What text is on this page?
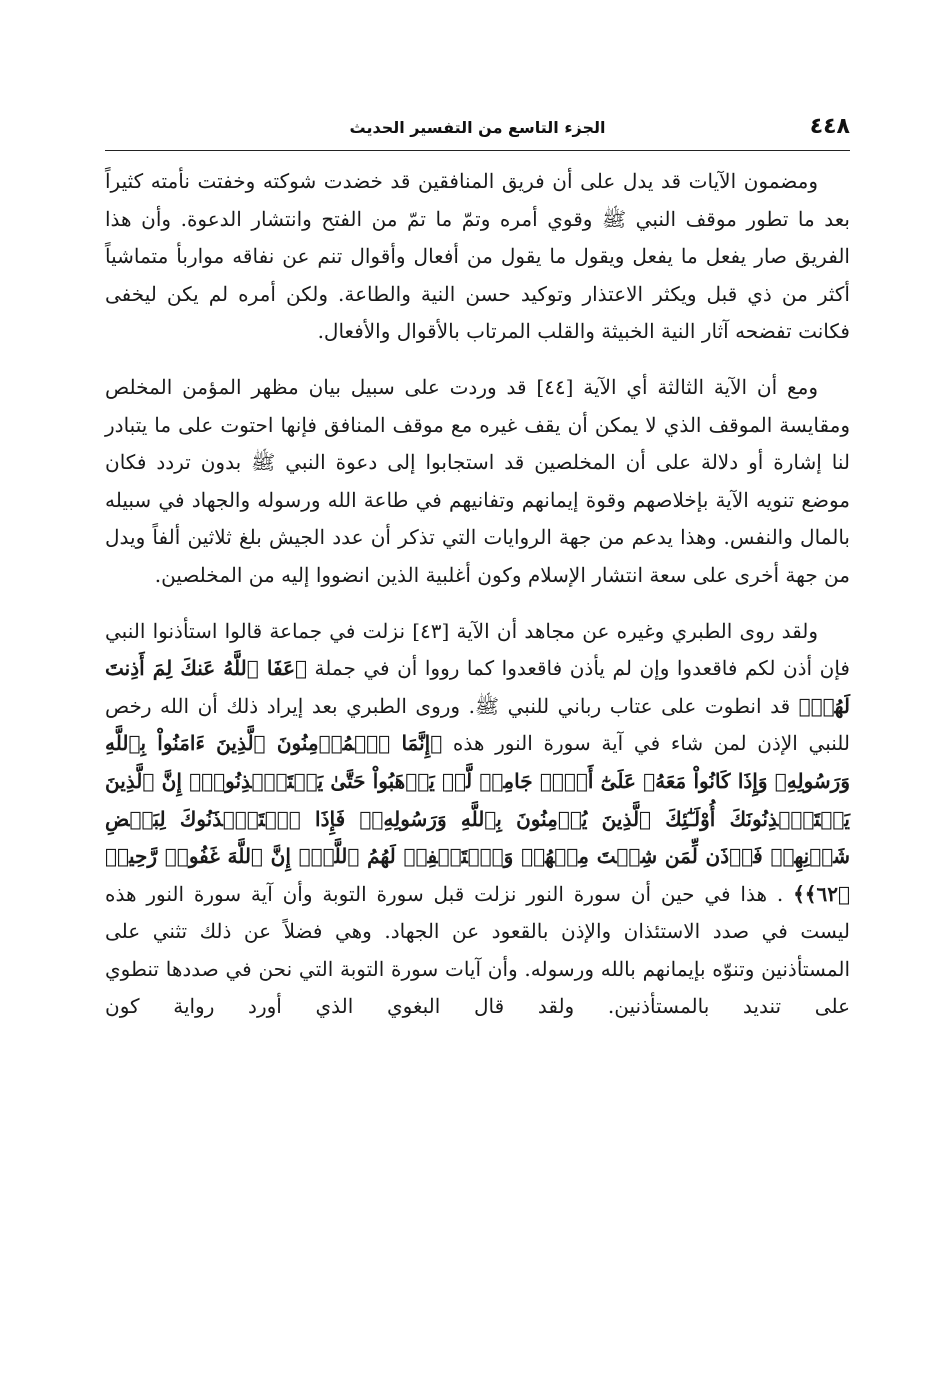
٤٤٨
الجزء التاسع من التفسير الحديث

ومضمون الآيات قد يدل على أن فريق المنافقين قد خضدت شوكته وخفتت نأمته كثيراً بعد ما تطور موقف النبي ﷺ وقوي أمره وتمّ ما تمّ من الفتح وانتشار الدعوة. وأن هذا الفريق صار يفعل ما يفعل ويقول ما يقول من أفعال وأقوال تنم عن نفاقه مواربأ متماشياً أكثر من ذي قبل ويكثر الاعتذار وتوكيد حسن النية والطاعة. ولكن أمره لم يكن ليخفى فكانت تفضحه آثار النية الخبيثة والقلب المرتاب بالأقوال والأفعال.

ومع أن الآية الثالثة أي الآية [٤٤] قد وردت على سبيل بيان مظهر المؤمن المخلص ومقايسة الموقف الذي لا يمكن أن يقف غيره مع موقف المنافق فإنها احتوت على ما يتبادر لنا إشارة أو دلالة على أن المخلصين قد استجابوا إلى دعوة النبي ﷺ بدون تردد فكان موضع تنويه الآية بإخلاصهم وقوة إيمانهم وتفانيهم في طاعة الله ورسوله والجهاد في سبيله بالمال والنفس. وهذا يدعم من جهة الروايات التي تذكر أن عدد الجيش بلغ ثلاثين ألفاً ويدل من جهة أخرى على سعة انتشار الإسلام وكون أغلبية الذين انضووا إليه من المخلصين.

ولقد روى الطبري وغيره عن مجاهد أن الآية [٤٣] نزلت في جماعة قالوا استأذنوا النبي فإن أذن لكم فاقعدوا وإن لم يأذن فاقعدوا كما رووا أن في جملة ﴿عَفَا ٱللَّهُ عَنكَ لِمَ أَذِنتَ لَهُمۡ﴾ قد انطوت على عتاب رباني للنبي ﷺ. وروى الطبري بعد إيراد ذلك أن الله رخص للنبي الإذن لمن شاء في آية سورة النور هذه ﴿إِنَّمَا ٱلۡمُؤۡمِنُونَ ٱلَّذِينَ ءَامَنُواْ بِٱللَّهِ وَرَسُولِهِۦ وَإِذَا كَانُواْ مَعَهُۥ عَلَىٰٓ أَمۡرٖ جَامِعٖ لَّمۡ يَذۡهَبُواْ حَتَّىٰ يَسۡتَـٔۡذِنُوهُۚ إِنَّ ٱلَّذِينَ يَسۡتَـٔۡذِنُونَكَ أُوْلَـٰٓئِكَ ٱلَّذِينَ يُؤۡمِنُونَ بِٱللَّهِ وَرَسُولِهِۦۚ فَإِذَا ٱسۡتَـٔۡذَنُوكَ لِبَعۡضِ شَأۡنِهِمۡ فَأۡذَن لِّمَن شِئۡتَ مِنۡهُمۡ وَٱسۡتَغۡفِرۡ لَهُمُ ٱللَّهَۚ إِنَّ ٱللَّهَ غَفُورٞ رَّحِيمٞ ﴿٦٢﴾﴾ . هذا في حين أن سورة النور نزلت قبل سورة التوبة وأن آية سورة النور هذه ليست في صدد الاستئذان والإذن بالقعود عن الجهاد. وهي فضلاً عن ذلك تثني على المستأذنين وتنوّه بإيمانهم بالله ورسوله. وأن آيات سورة التوبة التي نحن في صددها تنطوي على تنديد بالمستأذنين. ولقد قال البغوي الذي أورد رواية كون
